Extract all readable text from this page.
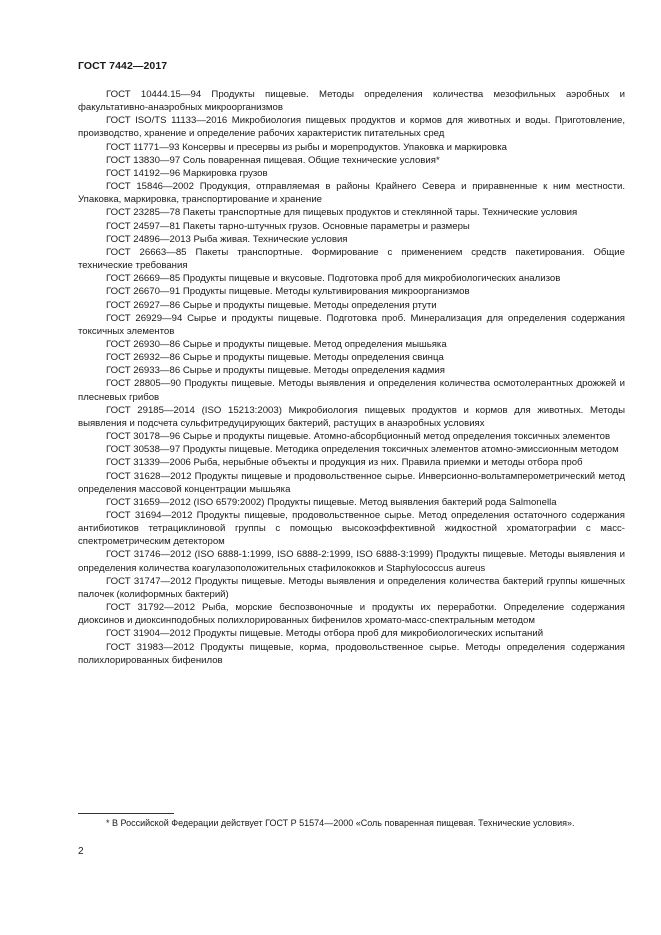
ГОСТ 7442—2017

ГОСТ 10444.15—94 Продукты пищевые. Методы определения количества мезофильных аэробных и факультативно-анаэробных микроорганизмов

ГОСТ ISO/TS 11133—2016 Микробиология пищевых продуктов и кормов для животных и воды. Приготовление, производство, хранение и определение рабочих характеристик питательных сред

ГОСТ 11771—93 Консервы и пресервы из рыбы и морепродуктов. Упаковка и маркировка

ГОСТ 13830—97 Соль поваренная пищевая. Общие технические условия*

ГОСТ 14192—96 Маркировка грузов

ГОСТ 15846—2002 Продукция, отправляемая в районы Крайнего Севера и приравненные к ним местности. Упаковка, маркировка, транспортирование и хранение

ГОСТ 23285—78 Пакеты транспортные для пищевых продуктов и стеклянной тары. Технические условия

ГОСТ 24597—81 Пакеты тарно-штучных грузов. Основные параметры и размеры

ГОСТ 24896—2013 Рыба живая. Технические условия

ГОСТ 26663—85 Пакеты транспортные. Формирование с применением средств пакетирования. Общие технические требования

ГОСТ 26669—85 Продукты пищевые и вкусовые. Подготовка проб для микробиологических анализов

ГОСТ 26670—91 Продукты пищевые. Методы культивирования микроорганизмов

ГОСТ 26927—86 Сырье и продукты пищевые. Методы определения ртути

ГОСТ 26929—94 Сырье и продукты пищевые. Подготовка проб. Минерализация для определения содержания токсичных элементов

ГОСТ 26930—86 Сырье и продукты пищевые. Метод определения мышьяка

ГОСТ 26932—86 Сырье и продукты пищевые. Методы определения свинца

ГОСТ 26933—86 Сырье и продукты пищевые. Методы определения кадмия

ГОСТ 28805—90 Продукты пищевые. Методы выявления и определения количества осмотолерантных дрожжей и плесневых грибов

ГОСТ 29185—2014 (ISO 15213:2003) Микробиология пищевых продуктов и кормов для животных. Методы выявления и подсчета сульфитредуцирующих бактерий, растущих в анаэробных условиях

ГОСТ 30178—96 Сырье и продукты пищевые. Атомно-абсорбционный метод определения токсичных элементов

ГОСТ 30538—97 Продукты пищевые. Методика определения токсичных элементов атомно-эмиссионным методом

ГОСТ 31339—2006 Рыба, нерыбные объекты и продукция из них. Правила приемки и методы отбора проб

ГОСТ 31628—2012 Продукты пищевые и продовольственное сырье. Инверсионно-вольтамперометрический метод определения массовой концентрации мышьяка

ГОСТ 31659—2012 (ISO 6579:2002) Продукты пищевые. Метод выявления бактерий рода Salmonella

ГОСТ 31694—2012 Продукты пищевые, продовольственное сырье. Метод определения остаточного содержания антибиотиков тетрациклиновой группы с помощью высокоэффективной жидкостной хроматографии с масс-спектрометрическим детектором

ГОСТ 31746—2012 (ISO 6888-1:1999, ISO 6888-2:1999, ISO 6888-3:1999) Продукты пищевые. Методы выявления и определения количества коагулазоположительных стафилококков и Staphylococcus aureus

ГОСТ 31747—2012 Продукты пищевые. Методы выявления и определения количества бактерий группы кишечных палочек (колиформных бактерий)

ГОСТ 31792—2012 Рыба, морские беспозвоночные и продукты их переработки. Определение содержания диоксинов и диоксинподобных полихлорированных бифенилов хромато-масс-спектральным методом

ГОСТ 31904—2012 Продукты пищевые. Методы отбора проб для микробиологических испытаний

ГОСТ 31983—2012 Продукты пищевые, корма, продовольственное сырье. Методы определения содержания полихлорированных бифенилов

* В Российской Федерации действует ГОСТ Р 51574—2000 «Соль поваренная пищевая. Технические условия».

2
